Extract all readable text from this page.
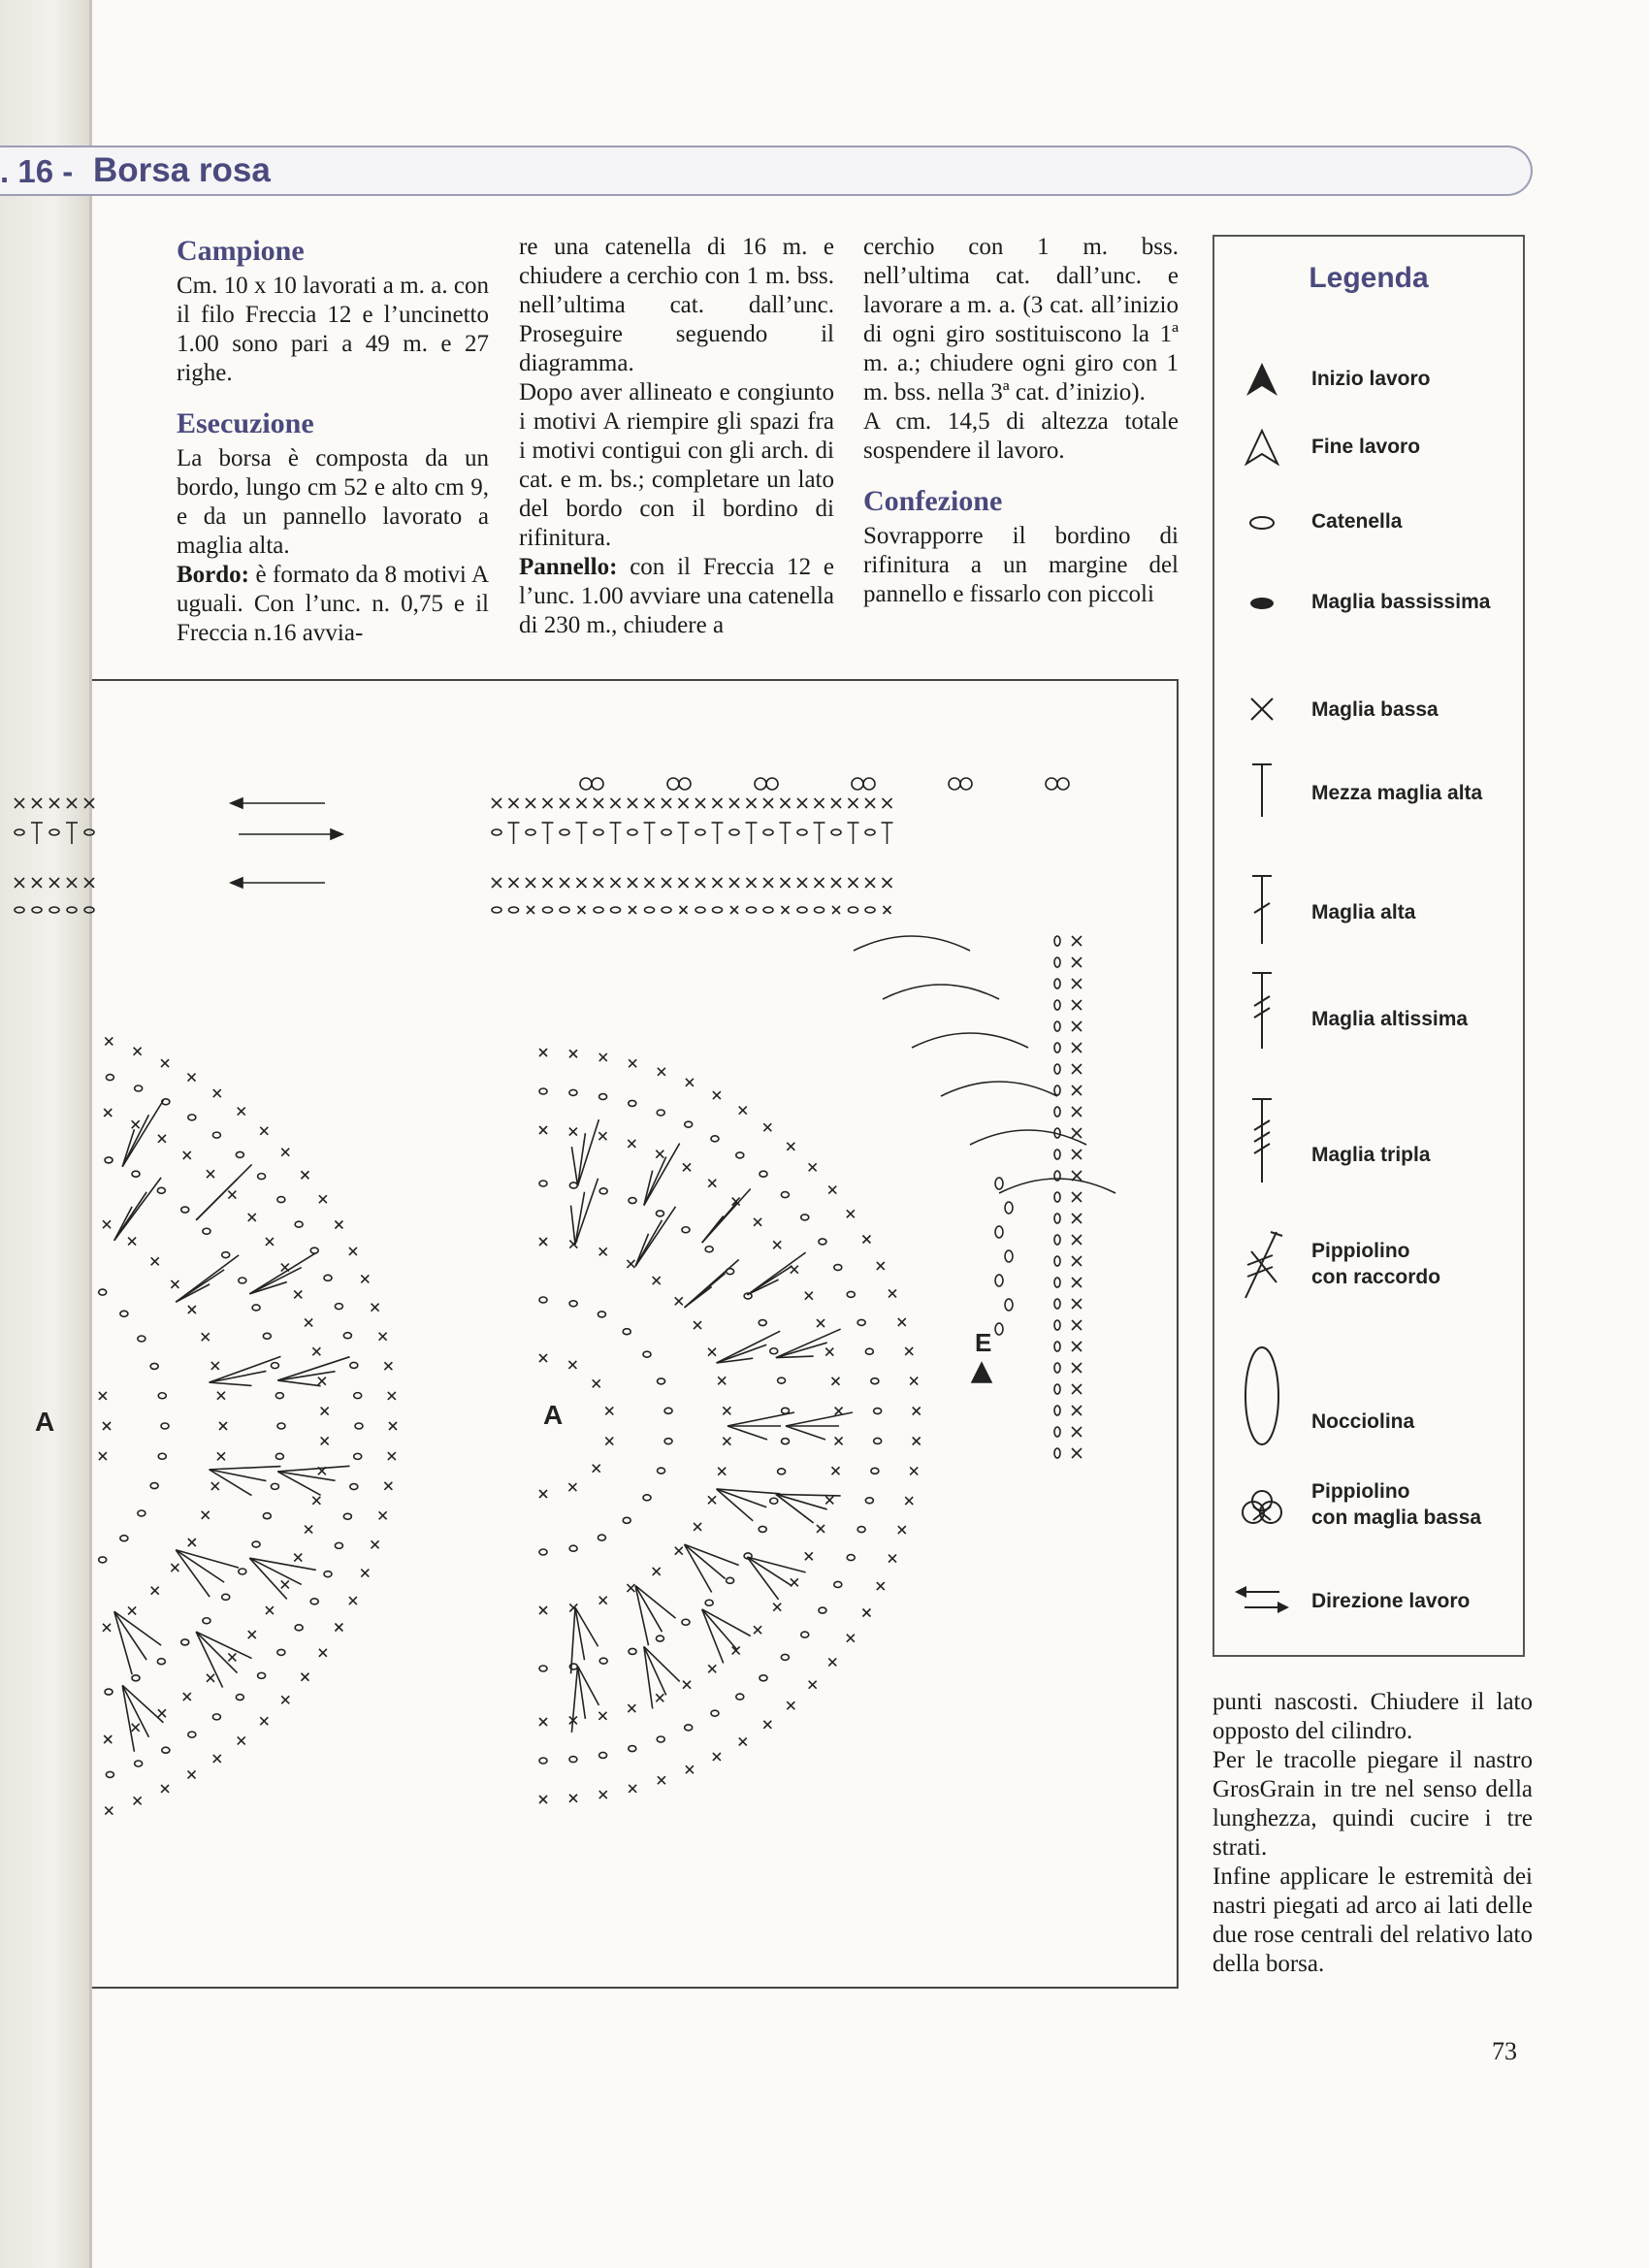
. 16 - Borsa rosa
Campione

Cm. 10 x 10 lavorati a m. a. con il filo Freccia 12 e l’uncinetto 1.00 sono pari a 49 m. e 27 righe.

Esecuzione

La borsa è composta da un bordo, lungo cm 52 e alto cm 9, e da un pannello lavorato a maglia alta.

Bordo: è formato da 8 motivi A uguali. Con l’unc. n. 0,75 e il Freccia n.16 avvia-

re una catenella di 16 m. e chiudere a cerchio con 1 m. bss. nell’ultima cat. dall’unc. Proseguire seguendo il diagramma.

Dopo aver allineato e congiunto i motivi A riempire gli spazi fra i motivi contigui con gli arch. di cat. e m. bs.; completare un lato del bordo con il bordino di rifinitura.

Pannello: con il Freccia 12 e l’unc. 1.00 avviare una catenella di 230 m., chiudere a

cerchio con 1 m. bss. nell’ultima cat. dall’unc. e lavorare a m. a. (3 cat. all’inizio di ogni giro sostituiscono la 1ª m. a.; chiudere ogni giro con 1 m. bss. nella 3ª cat. d’inizio).

A cm. 14,5 di altezza totale sospendere il lavoro.

Confezione

Sovrapporre il bordino di rifinitura a un margine del pannello e fissarlo con piccoli

Legenda
Inizio lavoro
Fine lavoro
Catenella
Maglia bassissima
Maglia bassa
Mezza maglia alta
Maglia alta
Maglia altissima
Maglia tripla
Pippiolino
con raccordo
Nocciolina
Pippiolino
con maglia bassa
Direzione lavoro
A	A
E

punti nascosti. Chiudere il lato opposto del cilindro.

Per le tracolle piegare il nastro GrosGrain in tre nel senso della lunghezza, quindi cucire i tre strati.

Infine applicare le estremità dei nastri piegati ad arco ai lati delle due rose centrali del relativo lato della borsa.

73
